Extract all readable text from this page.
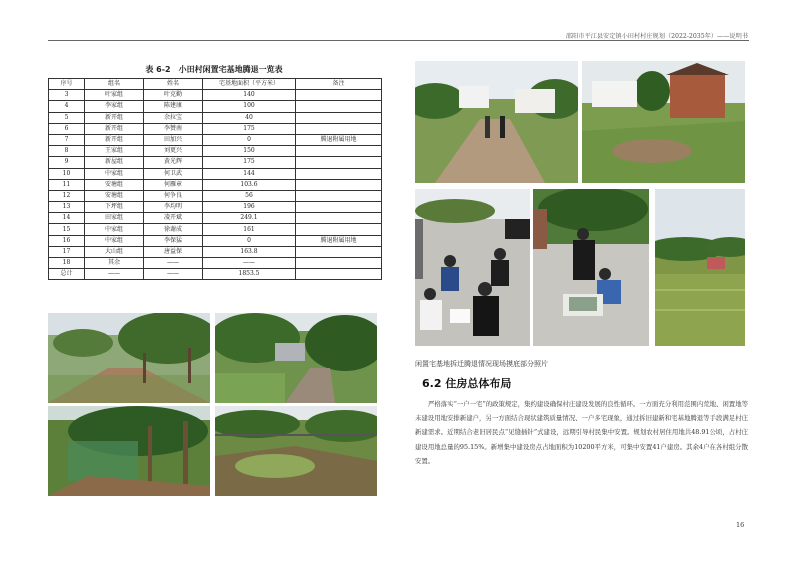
邵阳市平江县安定镇小田村村庄规划（2022-2035年）——说明书
表 6-2　小田村闲置宅基地腾退一览表
序号	组名	姓名	宅基地面积（平方米）	备注
3	叶家组	叶克勤	140	
4	李家组	陈建康	100	
5	新开组	余拉宝	40	
6	新开组	李赞南	175	
7	新开组	田加兴	0	腾退附属用地
8	王家组	刘更兴	150	
9	新屋组	黄光辉	175	
10	中家组	何卫武	144	
11	安塘组	何雁章	103.6	
12	安塘组	何争良	56	
13	下坪组	李均明	196	
14	田家组	凌开斌	249.1	
15	中家组	徐谢成	161	
16	中家组	李保猛	0	腾退附属用地
17	大山组	唐益保	163.8	
18	其余	——	——	
总计	——	——	1853.5	
闲置宅基地拆迁腾退情况现场摸底部分照片
6.2 住房总体布局
严格落实“一户一宅”的政策规定，集约建设确保村庄建设发展的良性循环。一方面充分利用范围内荒地、闲置地等未建设用地安排新建户，另一方面结合现状建筑质量情况、一户多宅现象，通过拆旧建新和宅基地腾退等手段满足村庄新建需求。近期结合老旧居民点“见缝插针”式建设，远期引导村民集中安置。规划农村居住用地共48.91公顷，占村庄建设用地总量的95.15%。新增集中建设房点占地面积为10200平方米，可集中安置41户建房。其余4户在各村组分散安置。
16
